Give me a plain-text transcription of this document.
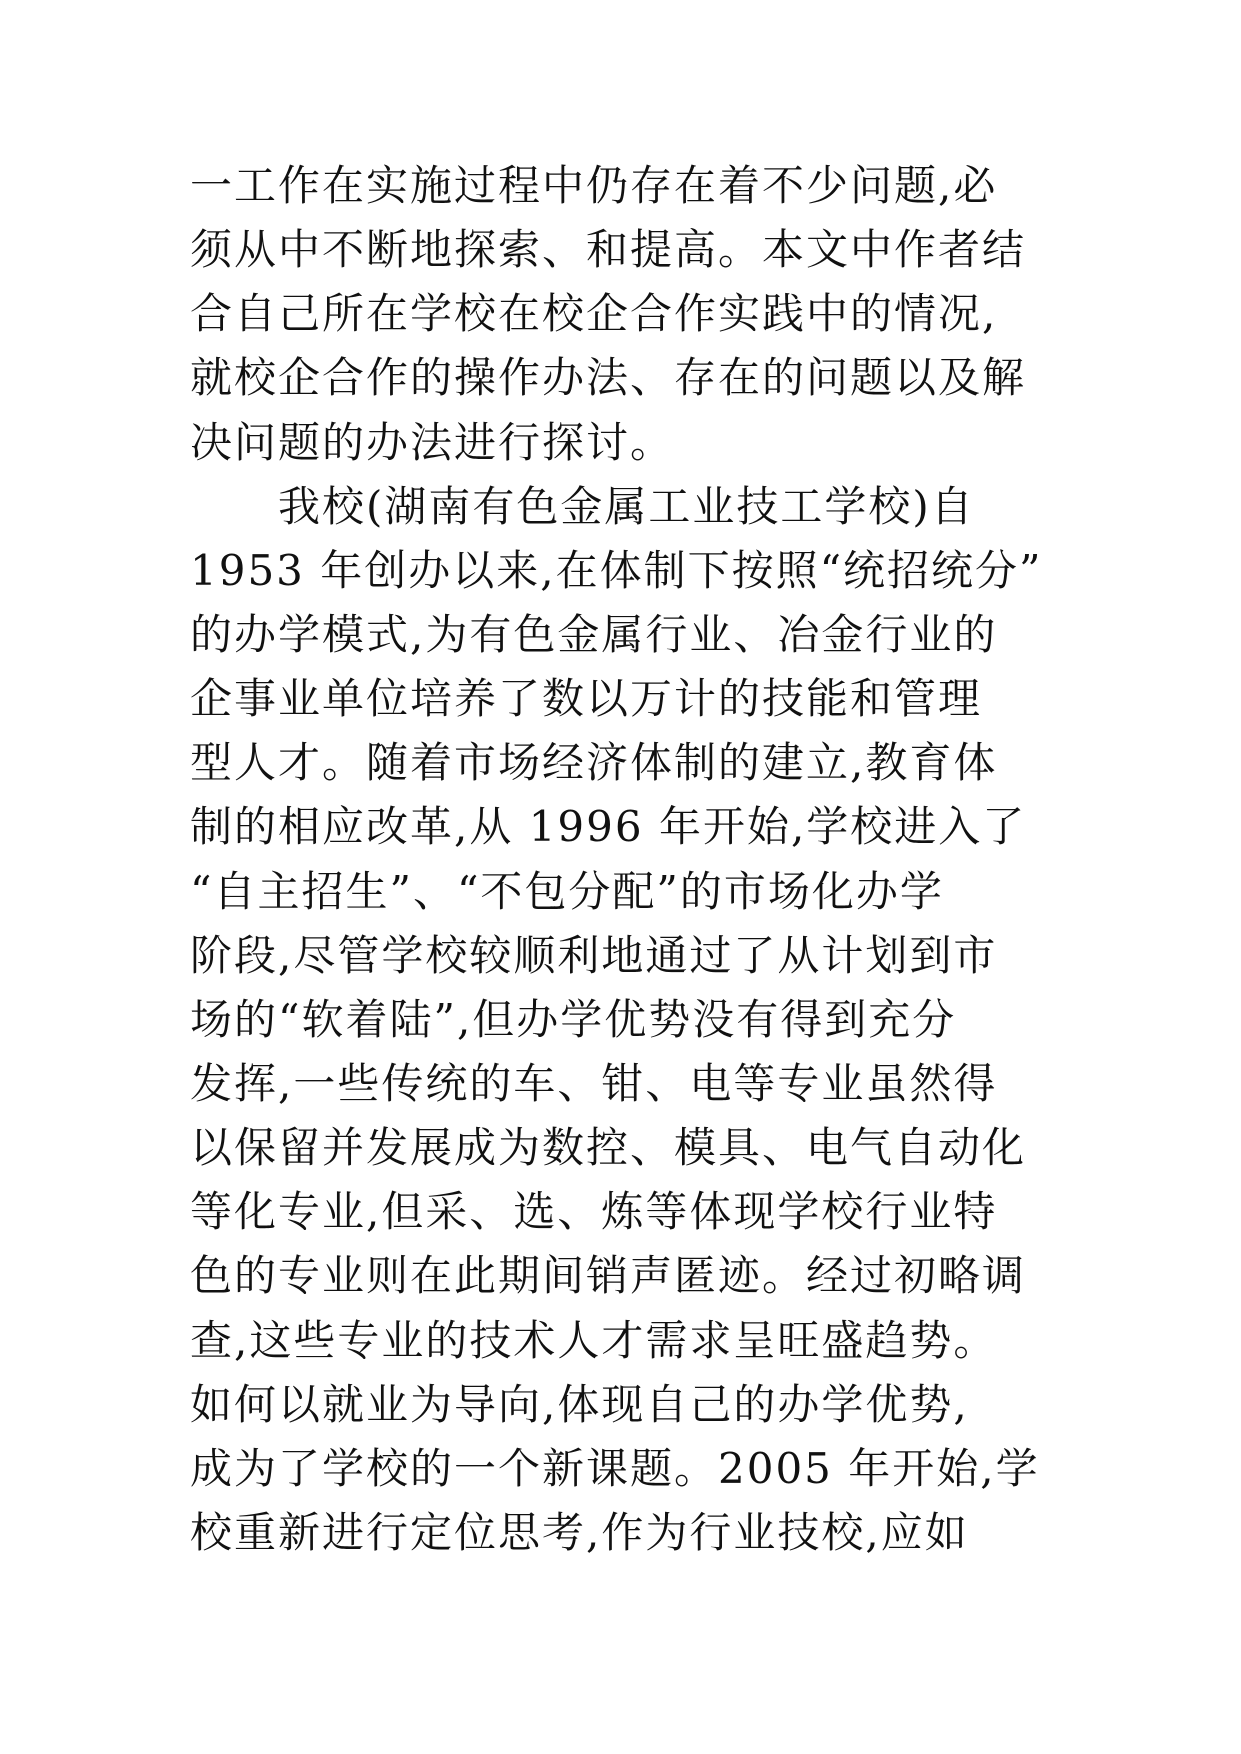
一工作在实施过程中仍存在着不少问题,必
须从中不断地探索、和提高。本文中作者结
合自己所在学校在校企合作实践中的情况,
就校企合作的操作办法、存在的问题以及解
决问题的办法进行探讨。
我校(湖南有色金属工业技工学校)自
1953 年创办以来,在体制下按照“统招统分”
的办学模式,为有色金属行业、冶金行业的
企事业单位培养了数以万计的技能和管理
型人才。随着市场经济体制的建立,教育体
制的相应改革,从 1996 年开始,学校进入了
“自主招生”、“不包分配”的市场化办学
阶段,尽管学校较顺利地通过了从计划到市
场的“软着陆”,但办学优势没有得到充分
发挥,一些传统的车、钳、电等专业虽然得
以保留并发展成为数控、模具、电气自动化
等化专业,但采、选、炼等体现学校行业特
色的专业则在此期间销声匿迹。经过初略调
查,这些专业的技术人才需求呈旺盛趋势。
如何以就业为导向,体现自己的办学优势,
成为了学校的一个新课题。2005 年开始,学
校重新进行定位思考,作为行业技校,应如
